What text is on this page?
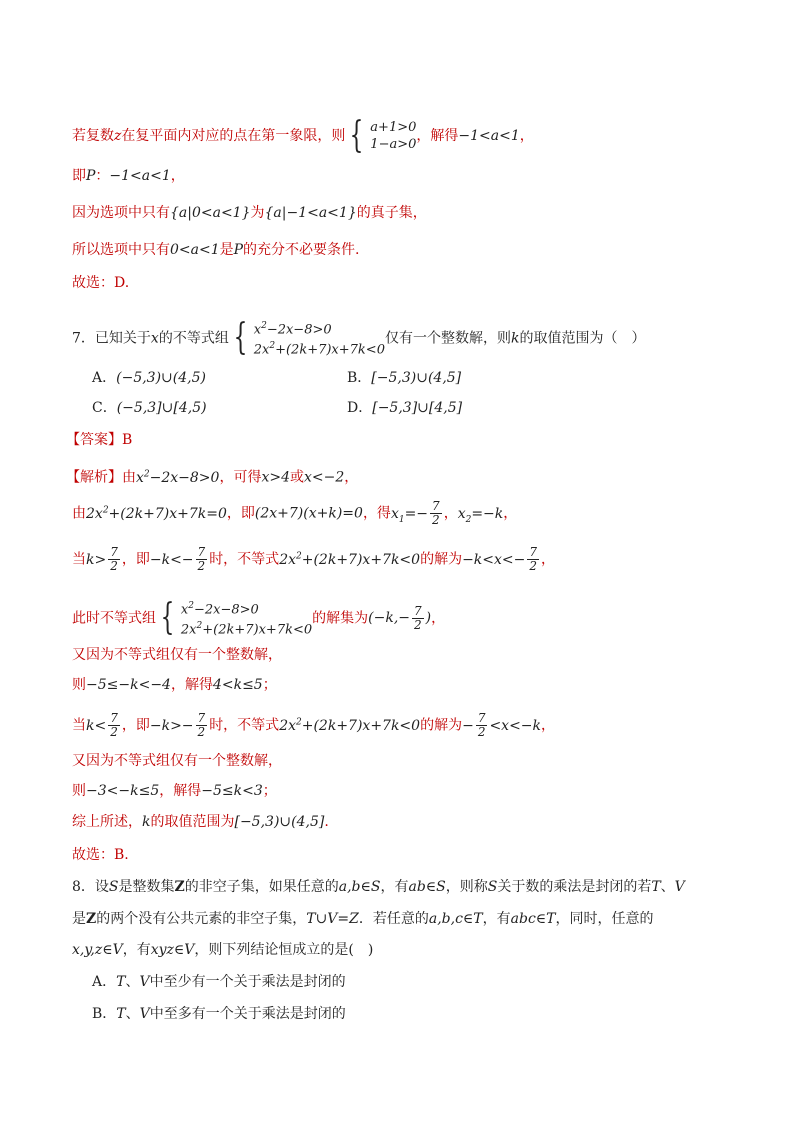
若复数z在复平面内对应的点在第一象限，则 { a+1>0
1−a>0
，解得−1<a<1，
即P：−1<a<1，
因为选项中只有{a|0<a<1}为{a|−1<a<1}的真子集，
所以选项中只有0<a<1是P的充分不必要条件.
故选：D.
7．已知关于x的不等式组 { $x^2-2x-8>0$
$2x^2+(2k+7)x+7k<0$
仅有一个整数解，则k的取值范围为（　）
A．(−5,3)∪(4,5)	B．[−5,3)∪(4,5]
C．(−5,3]∪[4,5)	D．[−5,3]∪[4,5]
【答案】B
【解析】由$x^2-2x-8>0$，可得x>4或x<−2，
由$2x^2+(2k+7)x+7k=0$，即(2x+7)(x+k)=0，得$x_1=- \frac{7}{2}$ ，$x_2=-k$，
当$k> \frac{7}{2}$ ，即$-k<- \frac{7}{2}$ 时，不等式$2x^2+(2k+7)x+7k<0$的解为$-k<x<- \frac{7}{2}$ ，
此时不等式组 { $x^2-2x-8>0$
$2x^2+(2k+7)x+7k<0$
的解集为($-k,- \frac{7}{2}$ )，
又因为不等式组仅有一个整数解，
则−5≤−k<−4，解得4<k≤5；
当$k< \frac{7}{2}$ ，即$-k>- \frac{7}{2}$ 时，不等式$2x^2+(2k+7)x+7k<0$的解为− $\frac{7}{2} <x<-k$，
又因为不等式组仅有一个整数解，
则−3<−k≤5，解得−5≤k<3；
综上所述，k的取值范围为[−5,3)∪(4,5].
故选：B.
8．设S是整数集Z的非空子集，如果任意的a,b∈S，有ab∈S，则称S关于数的乘法是封闭的若T、V
是Z的两个没有公共元素的非空子集，T∪V=Z．若任意的a,b,c∈T，有abc∈T，同时，任意的
x,y,z∈V，有xyz∈V，则下列结论恒成立的是(　)
A．T、V中至少有一个关于乘法是封闭的
B．T、V中至多有一个关于乘法是封闭的
